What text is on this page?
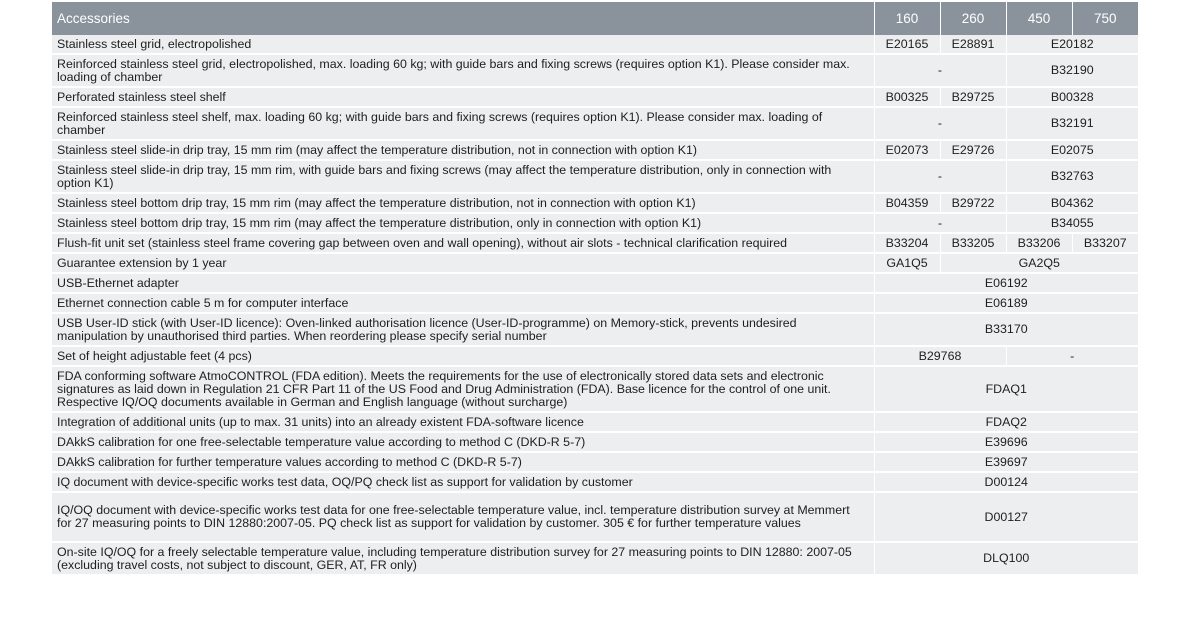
Accessories	160	260	450	750
Stainless steel grid, electropolished	E20165	E28891	E20182	
Reinforced stainless steel grid, electropolished, max. loading 60 kg; with guide bars and fixing screws (requires option K1). Please consider max. loading of chamber	-		B32190	
Perforated stainless steel shelf	B00325	B29725	B00328	
Reinforced stainless steel shelf, max. loading 60 kg; with guide bars and fixing screws (requires option K1). Please consider max. loading of chamber	-		B32191	
Stainless steel slide-in drip tray, 15 mm rim (may affect the temperature distribution, not in connection with option K1)	E02073	E29726	E02075	
Stainless steel slide-in drip tray, 15 mm rim, with guide bars and fixing screws (may affect the temperature distribution, only in connection with option K1)	-		B32763	
Stainless steel bottom drip tray, 15 mm rim (may affect the temperature distribution, not in connection with option K1)	B04359	B29722	B04362	
Stainless steel bottom drip tray, 15 mm rim (may affect the temperature distribution, only in connection with option K1)	-		B34055	
Flush-fit unit set (stainless steel frame covering gap between oven and wall opening), without air slots - technical clarification required	B33204	B33205	B33206	B33207
Guarantee extension by 1 year	GA1Q5	GA2Q5		
USB-Ethernet adapter	E06192			
Ethernet connection cable 5 m for computer interface	E06189			
USB User-ID stick (with User-ID licence): Oven-linked authorisation licence (User-ID-programme) on Memory-stick, prevents undesired manipulation by unauthorised third parties. When reordering please specify serial number	B33170			
Set of height adjustable feet (4 pcs)	B29768		-	
FDA conforming software AtmoCONTROL (FDA edition). Meets the requirements for the use of electronically stored data sets and electronic signatures as laid down in Regulation 21 CFR Part 11 of the US Food and Drug Administration (FDA). Base licence for the control of one unit. Respective IQ/OQ documents available in German and English language (without surcharge)	FDAQ1			
Integration of additional units (up to max. 31 units) into an already existent FDA-software licence	FDAQ2			
DAkkS calibration for one free-selectable temperature value according to method C (DKD-R 5-7)	E39696			
DAkkS calibration for further temperature values according to method C (DKD-R 5-7)	E39697			
IQ document with device-specific works test data, OQ/PQ check list as support for validation by customer	D00124			
IQ/OQ document with device-specific works test data for one free-selectable temperature value, incl. temperature distribution survey at Memmert for 27 measuring points to DIN 12880:2007-05. PQ check list as support for validation by customer. 305 € for further temperature values	D00127			
On-site IQ/OQ for a freely selectable temperature value, including temperature distribution survey for 27 measuring points to DIN 12880: 2007-05 (excluding travel costs, not subject to discount, GER, AT, FR only)	DLQ100			
